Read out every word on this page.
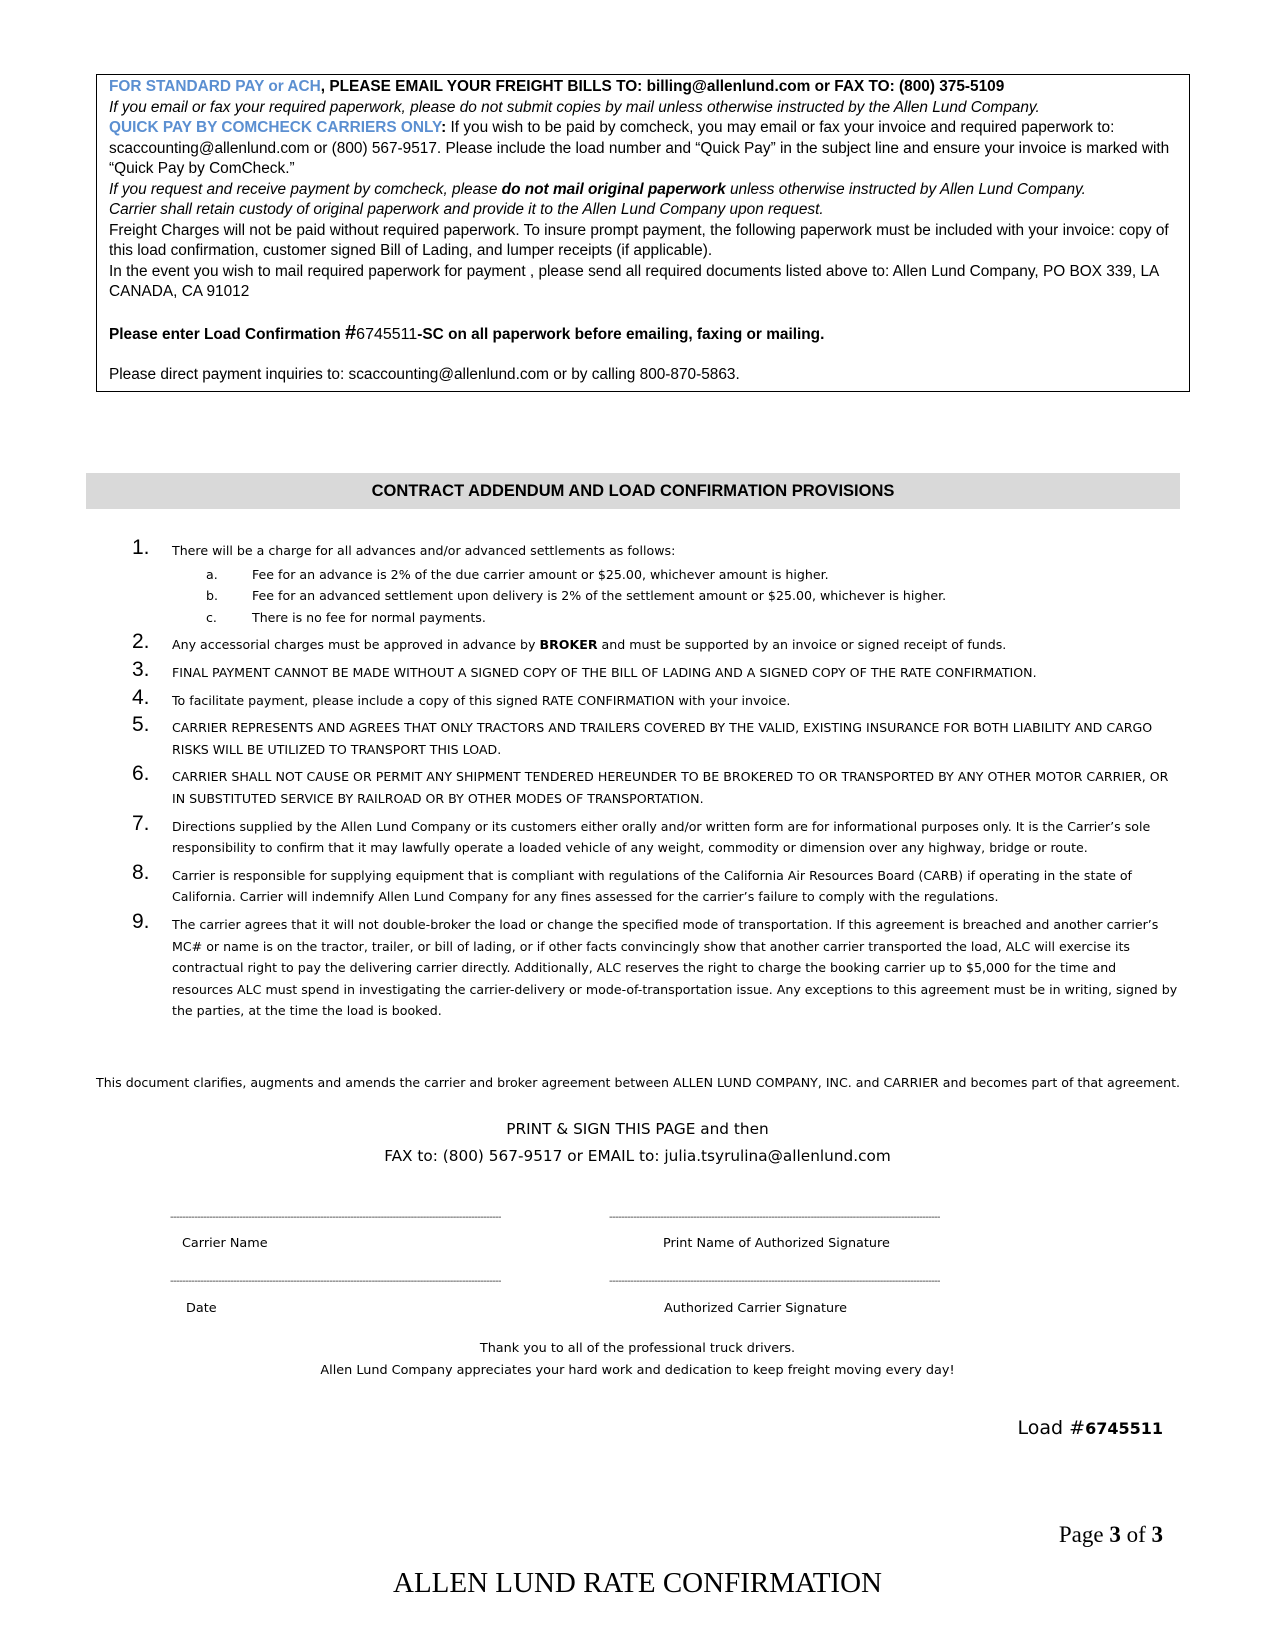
FOR STANDARD PAY or ACH, PLEASE EMAIL YOUR FREIGHT BILLS TO: billing@allenlund.com or FAX TO: (800) 375-5109

If you email or fax your required paperwork, please do not submit copies by mail unless otherwise instructed by the Allen Lund Company.

QUICK PAY BY COMCHECK CARRIERS ONLY: If you wish to be paid by comcheck, you may email or fax your invoice and required paperwork to: scaccounting@allenlund.com or (800) 567-9517. Please include the load number and “Quick Pay” in the subject line and ensure your invoice is marked with “Quick Pay by ComCheck.”

If you request and receive payment by comcheck, please do not mail original paperwork unless otherwise instructed by Allen Lund Company.

Carrier shall retain custody of original paperwork and provide it to the Allen Lund Company upon request.

Freight Charges will not be paid without required paperwork. To insure prompt payment, the following paperwork must be included with your invoice: copy of this load confirmation, customer signed Bill of Lading, and lumper receipts (if applicable).

In the event you wish to mail required paperwork for payment , please send all required documents listed above to: Allen Lund Company, PO BOX 339, LA CANADA, CA 91012

Please enter Load Confirmation #6745511-SC on all paperwork before emailing, faxing or mailing.

Please direct payment inquiries to: scaccounting@allenlund.com or by calling 800-870-5863.

CONTRACT ADDENDUM AND LOAD CONFIRMATION PROVISIONS
1. There will be a charge for all advances and/or advanced settlements as follows:
a.	Fee for an advance is 2% of the due carrier amount or $25.00, whichever amount is higher.
b.	Fee for an advanced settlement upon delivery is 2% of the settlement amount or $25.00, whichever is higher.
c.	There is no fee for normal payments.
2. Any accessorial charges must be approved in advance by BROKER and must be supported by an invoice or signed receipt of funds.
3. FINAL PAYMENT CANNOT BE MADE WITHOUT A SIGNED COPY OF THE BILL OF LADING AND A SIGNED COPY OF THE RATE CONFIRMATION.
4. To facilitate payment, please include a copy of this signed RATE CONFIRMATION with your invoice.
5. CARRIER REPRESENTS AND AGREES THAT ONLY TRACTORS AND TRAILERS COVERED BY THE VALID, EXISTING INSURANCE FOR BOTH LIABILITY AND CARGO RISKS WILL BE UTILIZED TO TRANSPORT THIS LOAD.
6. CARRIER SHALL NOT CAUSE OR PERMIT ANY SHIPMENT TENDERED HEREUNDER TO BE BROKERED TO OR TRANSPORTED BY ANY OTHER MOTOR CARRIER, OR IN SUBSTITUTED SERVICE BY RAILROAD OR BY OTHER MODES OF TRANSPORTATION.
7. Directions supplied by the Allen Lund Company or its customers either orally and/or written form are for informational purposes only. It is the Carrier’s sole responsibility to confirm that it may lawfully operate a loaded vehicle of any weight, commodity or dimension over any highway, bridge or route.
8. Carrier is responsible for supplying equipment that is compliant with regulations of the California Air Resources Board (CARB) if operating in the state of California. Carrier will indemnify Allen Lund Company for any fines assessed for the carrier’s failure to comply with the regulations.
9. The carrier agrees that it will not double-broker the load or change the specified mode of transportation. If this agreement is breached and another carrier’s MC# or name is on the tractor, trailer, or bill of lading, or if other facts convincingly show that another carrier transported the load, ALC will exercise its contractual right to pay the delivering carrier directly. Additionally, ALC reserves the right to charge the booking carrier up to $5,000 for the time and resources ALC must spend in investigating the carrier-delivery or mode-of-transportation issue. Any exceptions to this agreement must be in writing, signed by the parties, at the time the load is booked.
This document clarifies, augments and amends the carrier and broker agreement between ALLEN LUND COMPANY, INC. and CARRIER and becomes part of that agreement.
PRINT & SIGN THIS PAGE and then
FAX to: (800) 567-9517 or EMAIL to: julia.tsyrulina@allenlund.com
--------------------------------------------------------------------------------------------------------------	--------------------------------------------------------------------------------------------------------------
Carrier Name	Print Name of Authorized Signature
--------------------------------------------------------------------------------------------------------------	--------------------------------------------------------------------------------------------------------------
Date	Authorized Carrier Signature
Thank you to all of the professional truck drivers.
Allen Lund Company appreciates your hard work and dedication to keep freight moving every day!
Load #6745511
Page 3 of 3
ALLEN LUND RATE CONFIRMATION
